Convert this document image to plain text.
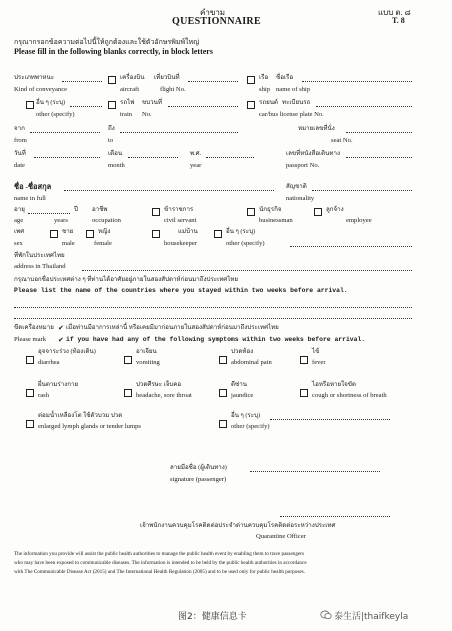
คำขาม
QUESTIONNAIRE
แบบ ต. ๘
T. 8
กรุณากรอกข้อความต่อไปนี้ให้ถูกต้องและใช้ตัวอักษรพิมพ์ใหญ่
Please fill in the following blanks correctly, in block letters
ประเภทพาหนะ	เครื่องบิน เที่ยวบินที่	เรือ ชื่อเรือ
Kind of conveyance	aircraft	flight No.	ship name of ship
อื่น ๆ (ระบุ)	รถไฟ ขบวนที่	รถยนต์ ทะเบียนรถ
other (specify)	train No.	car/bus license plate No.
จาก	ถึง	หมายเลขที่นั่ง
from	to	seat No.
วันที่	เดือน	พ.ศ.	เลขที่หนังสือเดินทาง
date	month	year	passport No.
ชื่อ -ชื่อสกุล	สัญชาติ
name in full	nationality
อายุ	ปี อาชีพ	ข้าราชการ	นักธุรกิจ	ลูกจ้าง
age	years	occupation	civil servant	businessman	employee
เพศ	ชาย	หญิง	แม่บ้าน	อื่น ๆ (ระบุ)
sex	male	female	housekeeper	other (specify)
ที่พักในประเทศไทย
address in Thailand
กรุณาบอกชื่อประเทศต่าง ๆ ที่ท่านได้อาศัยอยู่ภายในสองสัปดาห์ก่อนมาถึงประเทศไทย
Please list the name of the countries where you stayed within two weeks before arrival.
ขีดเครื่องหมาย ✔ เมื่อท่านมีอาการเหล่านี้ หรือเคยมีมาก่อนภายในสองสัปดาห์ก่อนมาถึงประเทศไทย
Please mark ✔ if you have had any of the following symptoms within two weeks before arrival.
อุจจาระร่วง (ท้องเดิน)
diarrhea
อาเจียน
vomiting
ปวดท้อง
abdominal pain
ไข้
fever
ผื่นตามร่างกาย
rash
ปวดศีรษะ เจ็บคอ
headache, sore throat
ดีซ่าน
jaundice
ไอหรือหายใจขัด
cough or shortness of breath
ต่อมน้ำเหลืองโต ใช้ตัวบวม ปวด
enlarged lymph glands or tender lumps
อื่น ๆ (ระบุ)
other (specify)
ลายมือชื่อ (ผู้เดินทาง)
signature (passenger)
เจ้าพนักงานควบคุมโรคติดต่อประจำด่านควบคุมโรคติดต่อระหว่างประเทศ
Quarantine Officer
The information you provide will assist the public health authorities to manage the public health event by enabling them to trace passengers
who may have been exposed to communicable diseases. The information is intended to be held by the public health authorities in accordance
with The Communicable Disease Act (2015) and The International Health Regulation (2005) and to be used only for public health purposes.
图2：健康信息卡	泰生活|thaifkeyla
